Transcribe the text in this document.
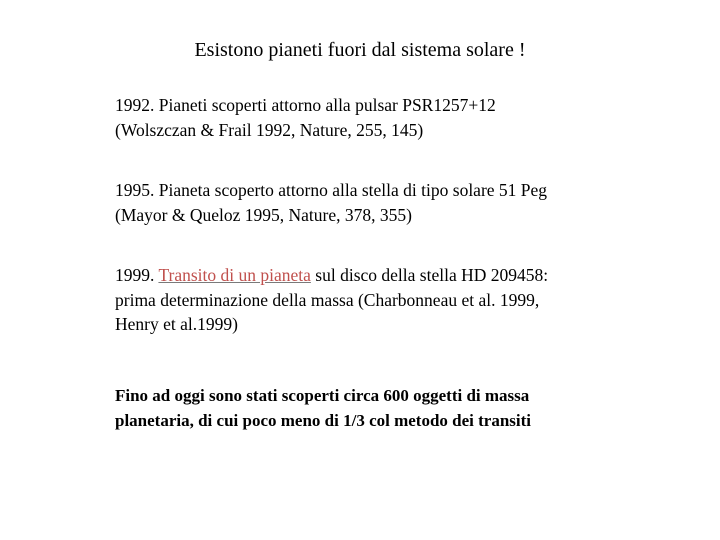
Esistono pianeti fuori dal sistema solare !
1992. Pianeti scoperti attorno alla pulsar PSR1257+12
(Wolszczan & Frail 1992, Nature, 255, 145)
1995. Pianeta scoperto attorno alla stella di tipo solare 51 Peg
(Mayor & Queloz 1995, Nature, 378, 355)
1999. Transito di un pianeta sul disco della stella HD 209458:
prima determinazione della massa (Charbonneau et al. 1999,
Henry et al.1999)
Fino ad oggi sono stati scoperti circa 600 oggetti di massa
planetaria, di cui poco meno di 1/3 col metodo dei transiti
